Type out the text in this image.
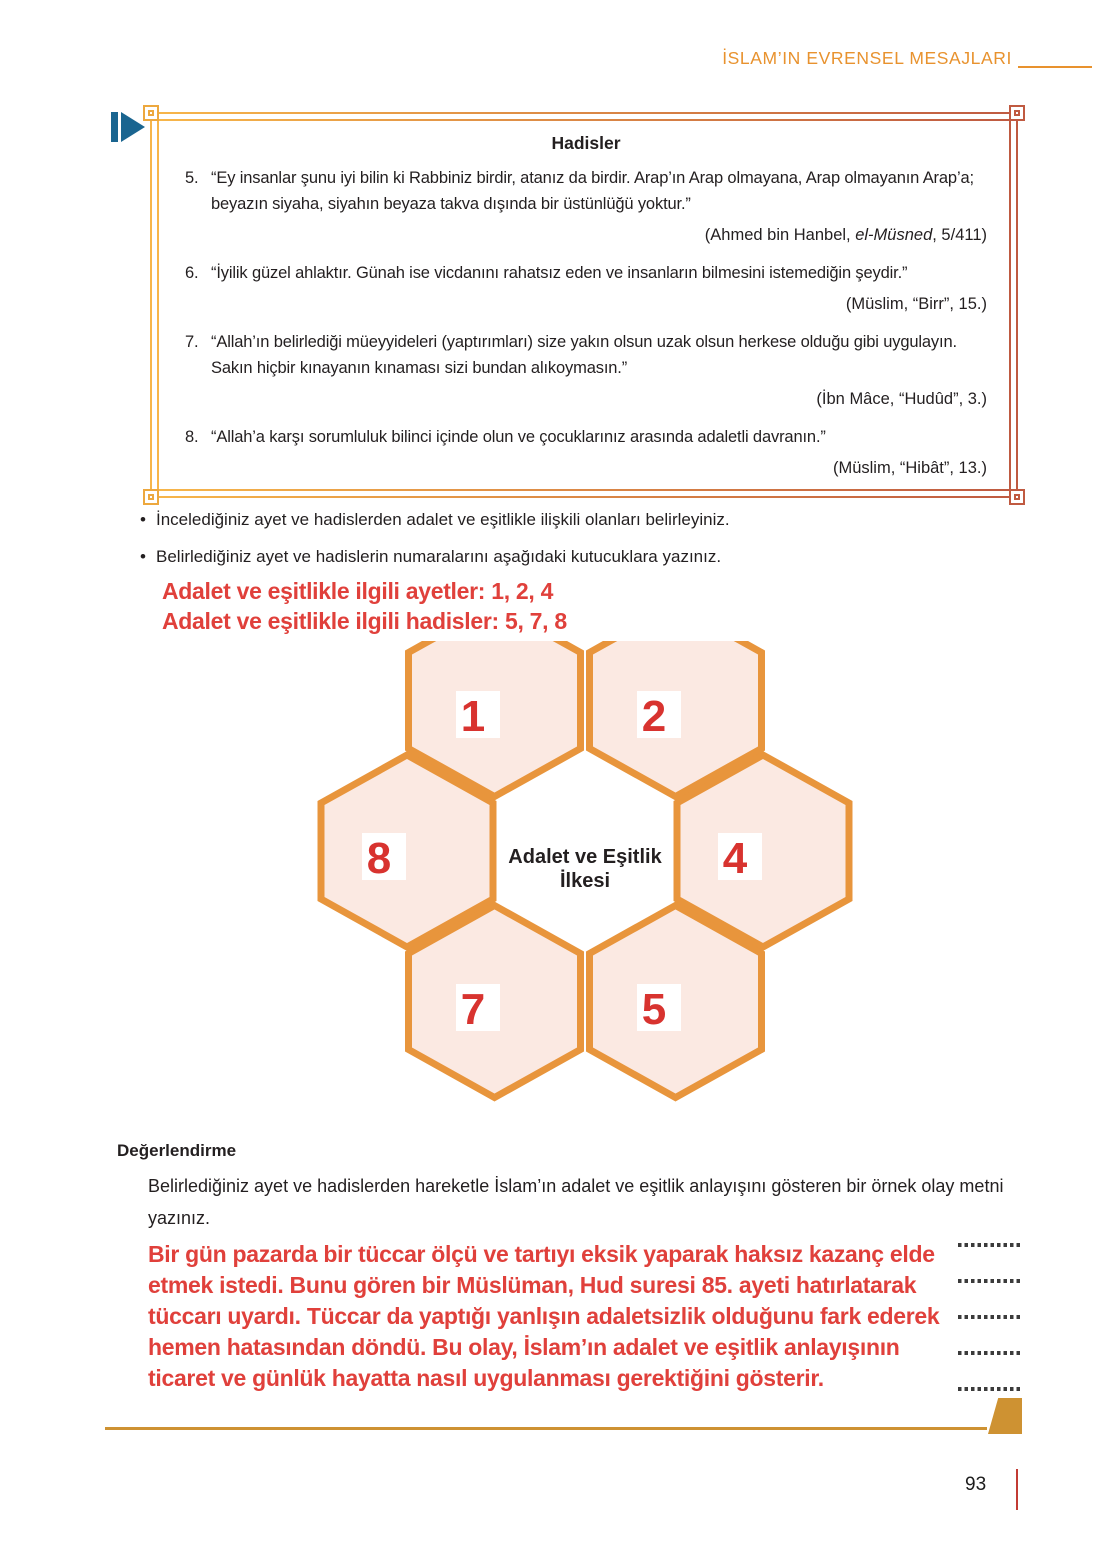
İSLAM’IN EVRENSEL MESAJLARI
Hadisler
5. “Ey insanlar şunu iyi bilin ki Rabbiniz birdir, atanız da birdir. Arap’ın Arap olmayana, Arap olmayanın Arap’a; beyazın siyaha, siyahın beyaza takva dışında bir üstünlüğü yoktur.”
(Ahmed bin Hanbel, el-Müsned, 5/411)
6. “İyilik güzel ahlaktır. Günah ise vicdanını rahatsız eden ve insanların bilmesini istemediğin şeydir.”
(Müslim, “Birr”, 15.)
7. “Allah’ın belirlediği müeyyideleri (yaptırımları) size yakın olsun uzak olsun herkese olduğu gibi uygulayın. Sakın hiçbir kınayanın kınaması sizi bundan alıkoymasın.”
(İbn Mâce, “Hudûd”, 3.)
8. “Allah’a karşı sorumluluk bilinci içinde olun ve çocuklarınız arasında adaletli davranın.”
(Müslim, “Hibât”, 13.)
• İncelediğiniz ayet ve hadislerden adalet ve eşitlikle ilişkili olanları belirleyiniz.
• Belirlediğiniz ayet ve hadislerin numaralarını aşağıdaki kutucuklara yazınız.
Adalet ve eşitlikle ilgili ayetler: 1, 2, 4
Adalet ve eşitlikle ilgili hadisler: 5, 7, 8
1	2
8	4
7	5
Adalet ve Eşitlik
İlkesi
Değerlendirme
Belirlediğiniz ayet ve hadislerden hareketle İslam’ın adalet ve eşitlik anlayışını gösteren bir örnek olay metni yazınız.
Bir gün pazarda bir tüccar ölçü ve tartıyı eksik yaparak haksız kazanç elde
etmek istedi. Bunu gören bir Müslüman, Hud suresi 85. ayeti hatırlatarak
tüccarı uyardı. Tüccar da yaptığı yanlışın adaletsizlik olduğunu fark ederek
hemen hatasından döndü. Bu olay, İslam’ın adalet ve eşitlik anlayışının
ticaret ve günlük hayatta nasıl uygulanması gerektiğini gösterir.
93
